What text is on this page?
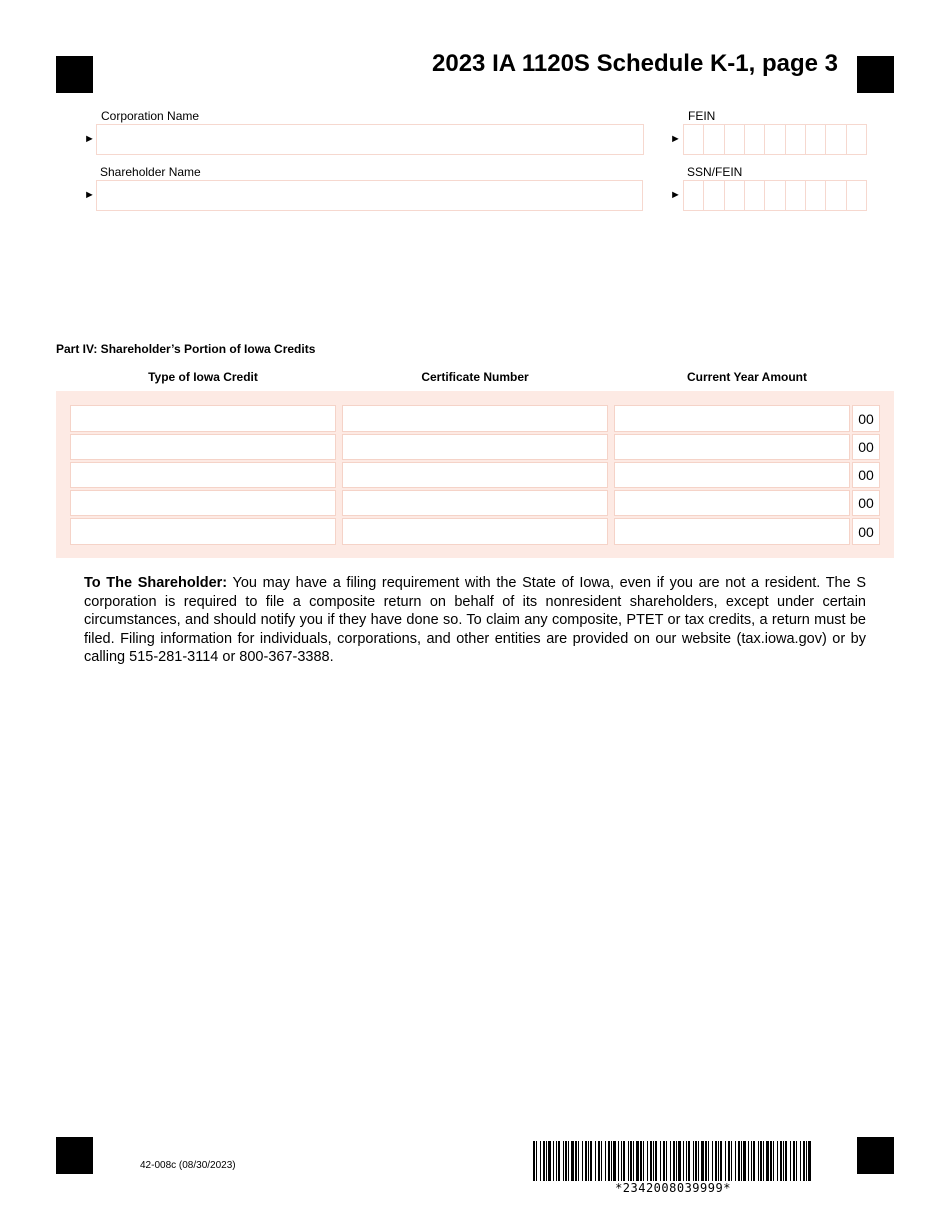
2023 IA 1120S Schedule K-1, page 3
Corporation Name
►
FEIN
►
Shareholder Name
►
SSN/FEIN
►
Part IV: Shareholder’s Portion of Iowa Credits
Type of Iowa Credit	Certificate Number	Current Year Amount
00
00
00
00
00
To The Shareholder: You may have a filing requirement with the State of Iowa, even if you are not a resident. The S corporation is required to file a composite return on behalf of its nonresident shareholders, except under certain circumstances, and should notify you if they have done so. To claim any composite, PTET or tax credits, a return must be filed. Filing information for individuals, corporations, and other entities are provided on our website (tax.iowa.gov) or by calling 515-281-3114 or 800-367-3388.
42-008c (08/30/2023)
*2342008039999*
